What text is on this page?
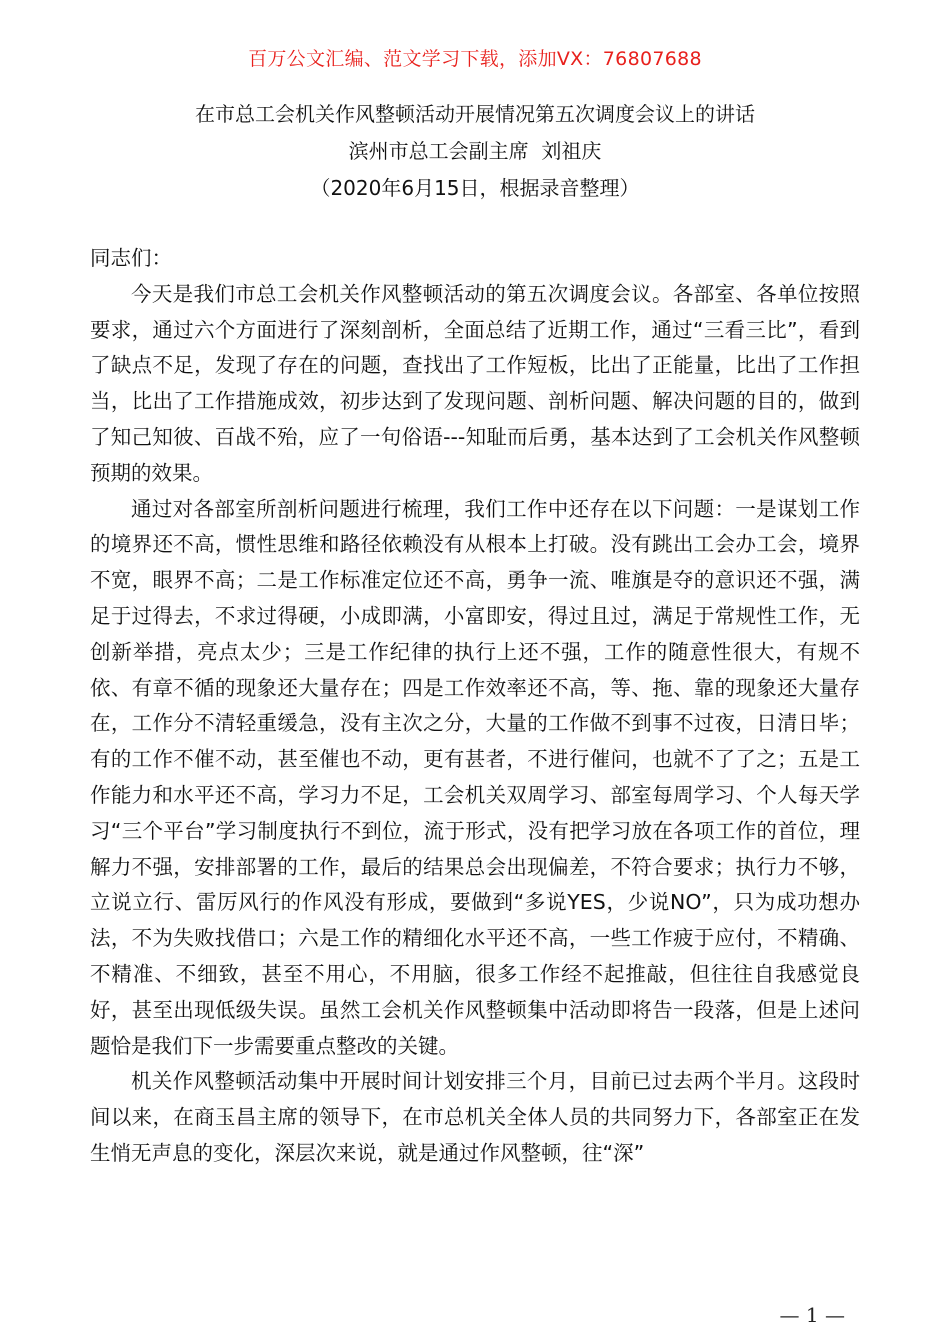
百万公文汇编、范文学习下载，添加VX：76807688
在市总工会机关作风整顿活动开展情况第五次调度会议上的讲话
滨州市总工会副主席  刘祖庆
（2020年6月15日，根据录音整理）

同志们：

今天是我们市总工会机关作风整顿活动的第五次调度会议。各部室、各单位按照要求，通过六个方面进行了深刻剖析，全面总结了近期工作，通过“三看三比”，看到了缺点不足，发现了存在的问题，查找出了工作短板，比出了正能量，比出了工作担当，比出了工作措施成效，初步达到了发现问题、剖析问题、解决问题的目的，做到了知己知彼、百战不殆，应了一句俗语---知耻而后勇，基本达到了工会机关作风整顿预期的效果。

通过对各部室所剖析问题进行梳理，我们工作中还存在以下问题：一是谋划工作的境界还不高，惯性思维和路径依赖没有从根本上打破。没有跳出工会办工会，境界不宽，眼界不高；二是工作标准定位还不高，勇争一流、唯旗是夺的意识还不强，满足于过得去，不求过得硬，小成即满，小富即安，得过且过，满足于常规性工作，无创新举措，亮点太少；三是工作纪律的执行上还不强，工作的随意性很大，有规不依、有章不循的现象还大量存在；四是工作效率还不高，等、拖、靠的现象还大量存在，工作分不清轻重缓急，没有主次之分，大量的工作做不到事不过夜，日清日毕；有的工作不催不动，甚至催也不动，更有甚者，不进行催问，也就不了了之；五是工作能力和水平还不高，学习力不足，工会机关双周学习、部室每周学习、个人每天学习“三个平台”学习制度执行不到位，流于形式，没有把学习放在各项工作的首位，理解力不强，安排部署的工作，最后的结果总会出现偏差，不符合要求；执行力不够，立说立行、雷厉风行的作风没有形成，要做到“多说YES，少说NO”，只为成功想办法，不为失败找借口；六是工作的精细化水平还不高，一些工作疲于应付，不精确、不精准、不细致，甚至不用心，不用脑，很多工作经不起推敲，但往往自我感觉良好，甚至出现低级失误。虽然工会机关作风整顿集中活动即将告一段落，但是上述问题恰是我们下一步需要重点整改的关键。

机关作风整顿活动集中开展时间计划安排三个月，目前已过去两个半月。这段时间以来，在商玉昌主席的领导下，在市总机关全体人员的共同努力下，各部室正在发生悄无声息的变化，深层次来说，就是通过作风整顿，往“深”

— 1 —
